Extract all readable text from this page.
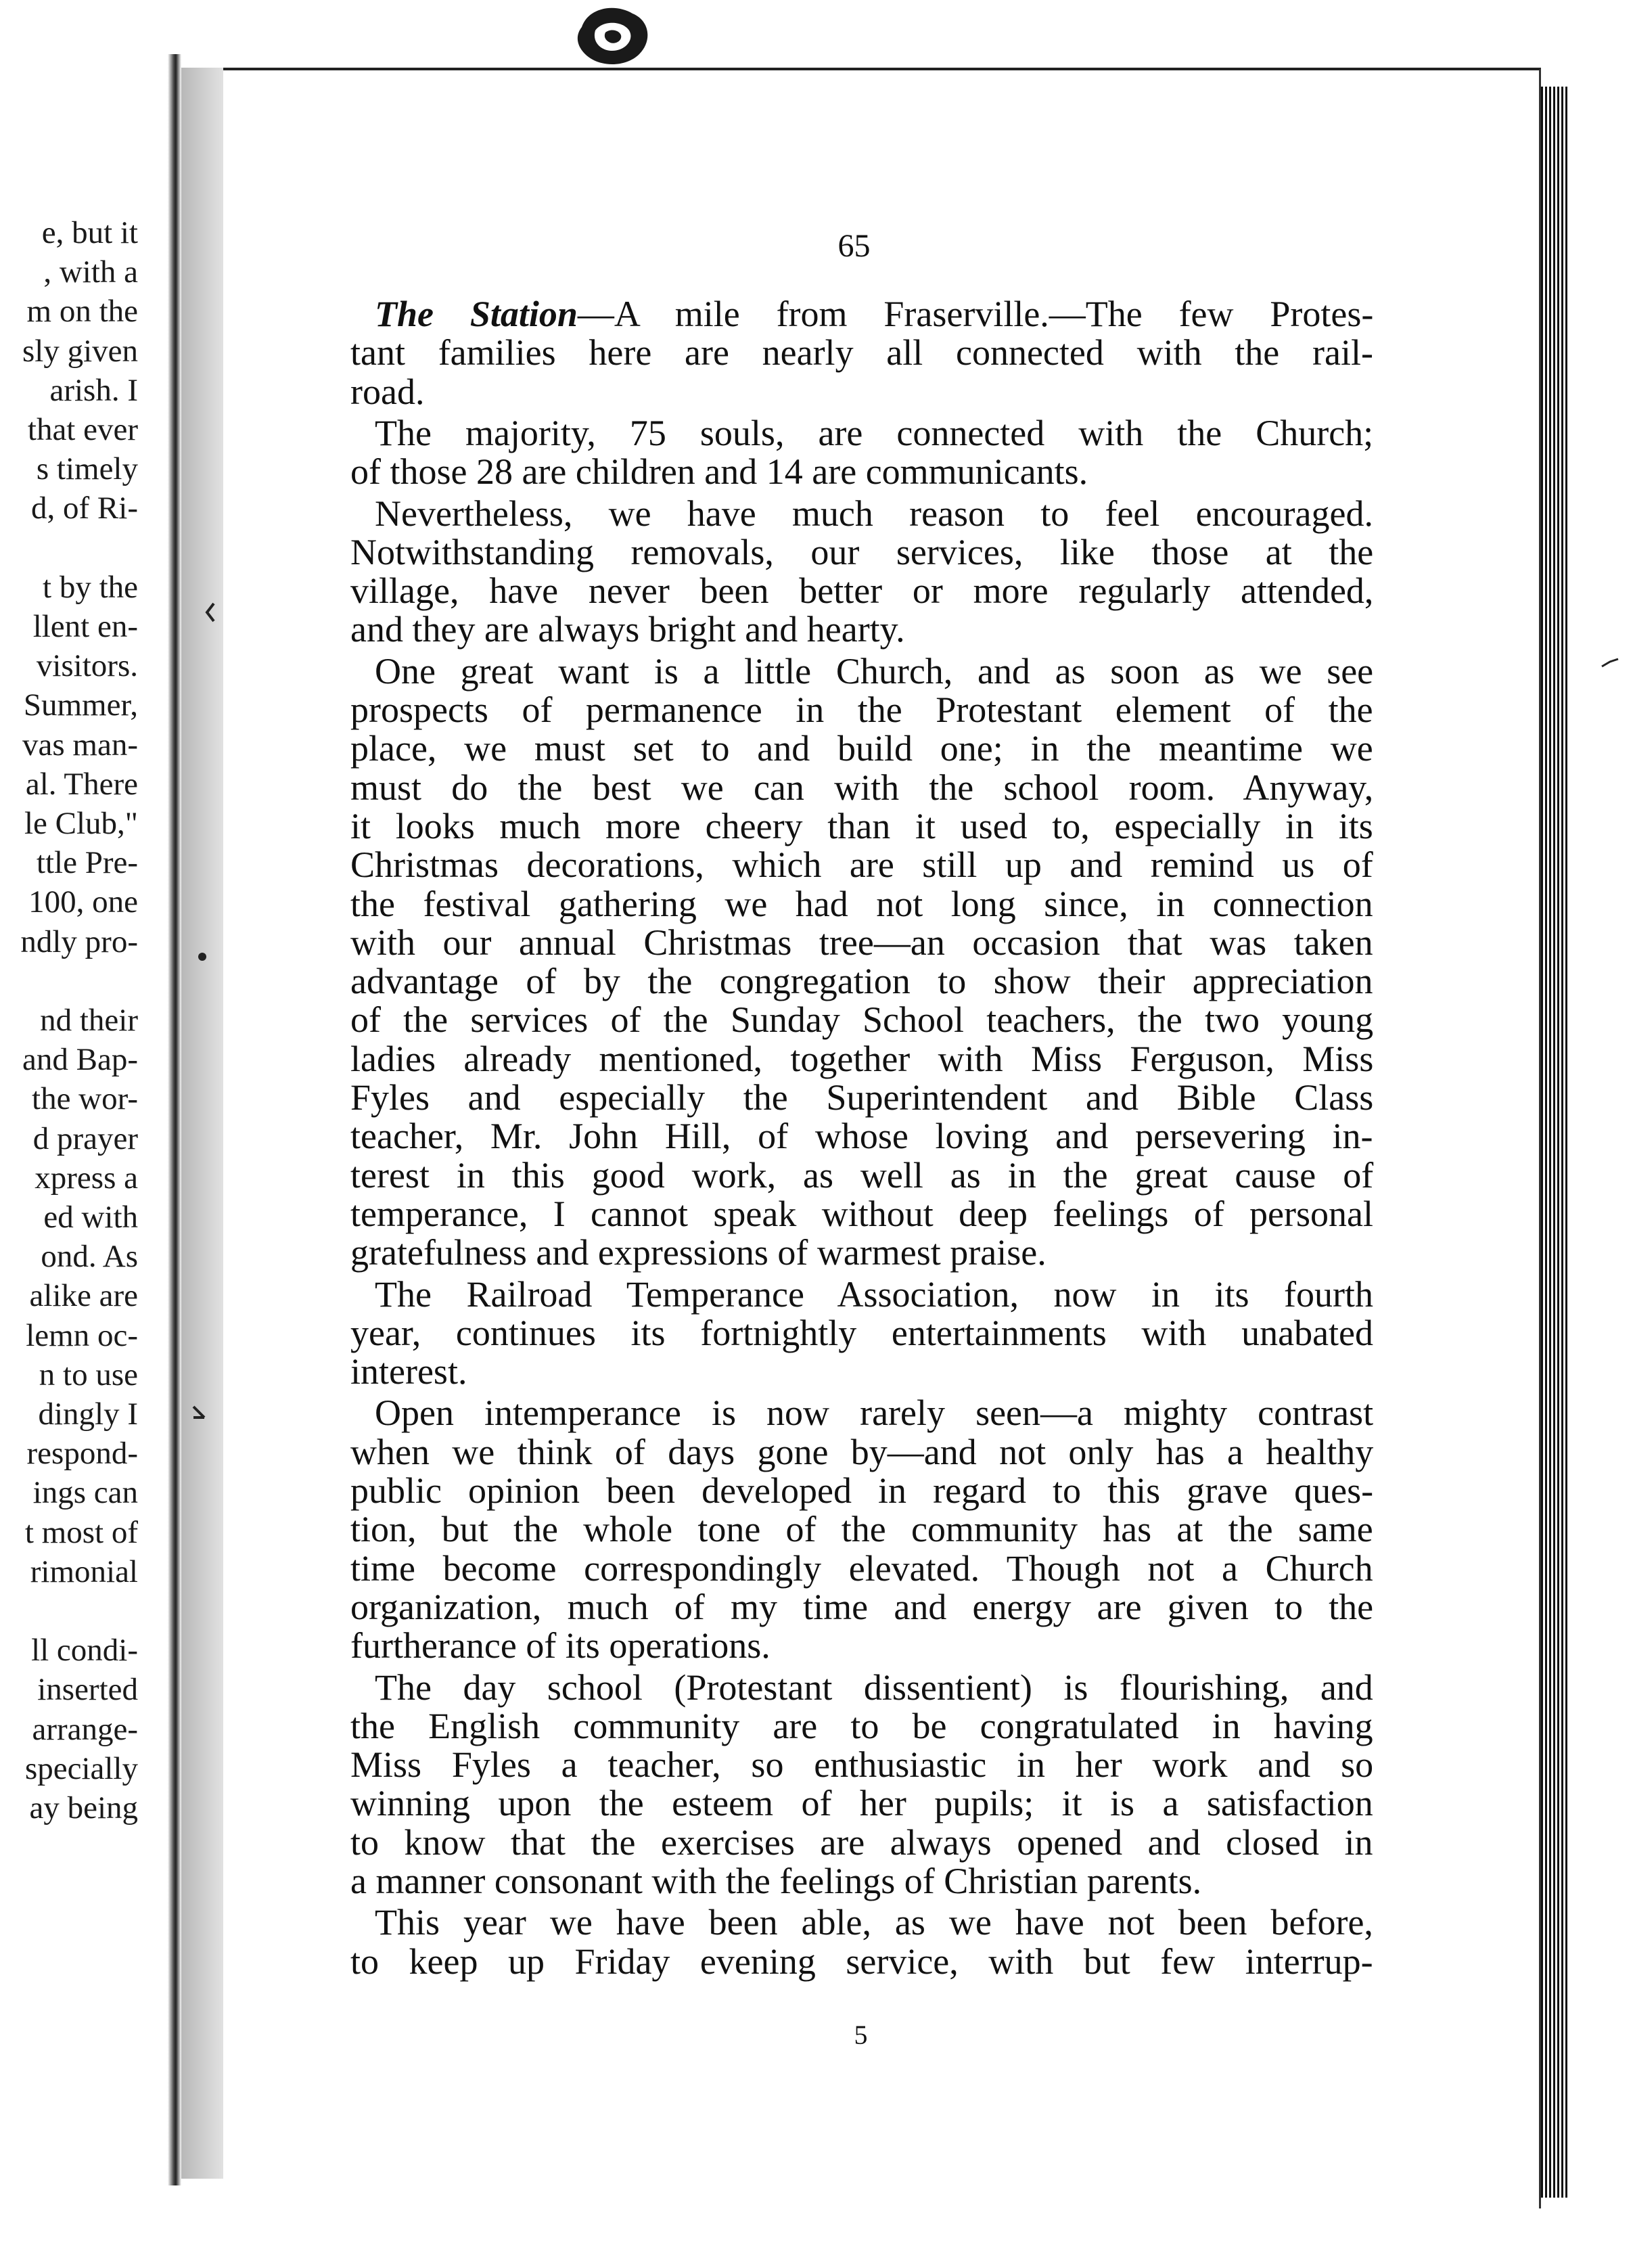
e, but it
, with a
m on the
sly given
arish. I
that ever
s timely
d, of Ri-
t by the
llent en-
visitors.
Summer,
vas man-
al. There
le Club,"
ttle Pre-
100, one
ndly pro-
nd their
and Bap-
the wor-
d prayer
xpress a
ed with
ond. As
alike are
lemn oc-
n to use
dingly I
respond-
ings can
t most of
rimonial
ll condi-
inserted
arrange-
specially
ay being
65
The Station—A mile from Fraserville.—The few Protes-
tant families here are nearly all connected with the rail-
road.
The majority, 75 souls, are connected with the Church;
of those 28 are children and 14 are communicants.
Nevertheless, we have much reason to feel encouraged.
Notwithstanding removals, our services, like those at the
village, have never been better or more regularly attended,
and they are always bright and hearty.
One great want is a little Church, and as soon as we see
prospects of permanence in the Protestant element of the
place, we must set to and build one; in the meantime we
must do the best we can with the school room. Anyway,
it looks much more cheery than it used to, especially in its
Christmas decorations, which are still up and remind us of
the festival gathering we had not long since, in connection
with our annual Christmas tree—an occasion that was taken
advantage of by the congregation to show their appreciation
of the services of the Sunday School teachers, the two young
ladies already mentioned, together with Miss Ferguson, Miss
Fyles and especially the Superintendent and Bible Class
teacher, Mr. John Hill, of whose loving and persevering in-
terest in this good work, as well as in the great cause of
temperance, I cannot speak without deep feelings of personal
gratefulness and expressions of warmest praise.
The Railroad Temperance Association, now in its fourth
year, continues its fortnightly entertainments with unabated
interest.
Open intemperance is now rarely seen—a mighty contrast
when we think of days gone by—and not only has a healthy
public opinion been developed in regard to this grave ques-
tion, but the whole tone of the community has at the same
time become correspondingly elevated. Though not a Church
organization, much of my time and energy are given to the
furtherance of its operations.
The day school (Protestant dissentient) is flourishing, and
the English community are to be congratulated in having
Miss Fyles a teacher, so enthusiastic in her work and so
winning upon the esteem of her pupils; it is a satisfaction
to know that the exercises are always opened and closed in
a manner consonant with the feelings of Christian parents.
This year we have been able, as we have not been before,
to keep up Friday evening service, with but few interrup-
5
